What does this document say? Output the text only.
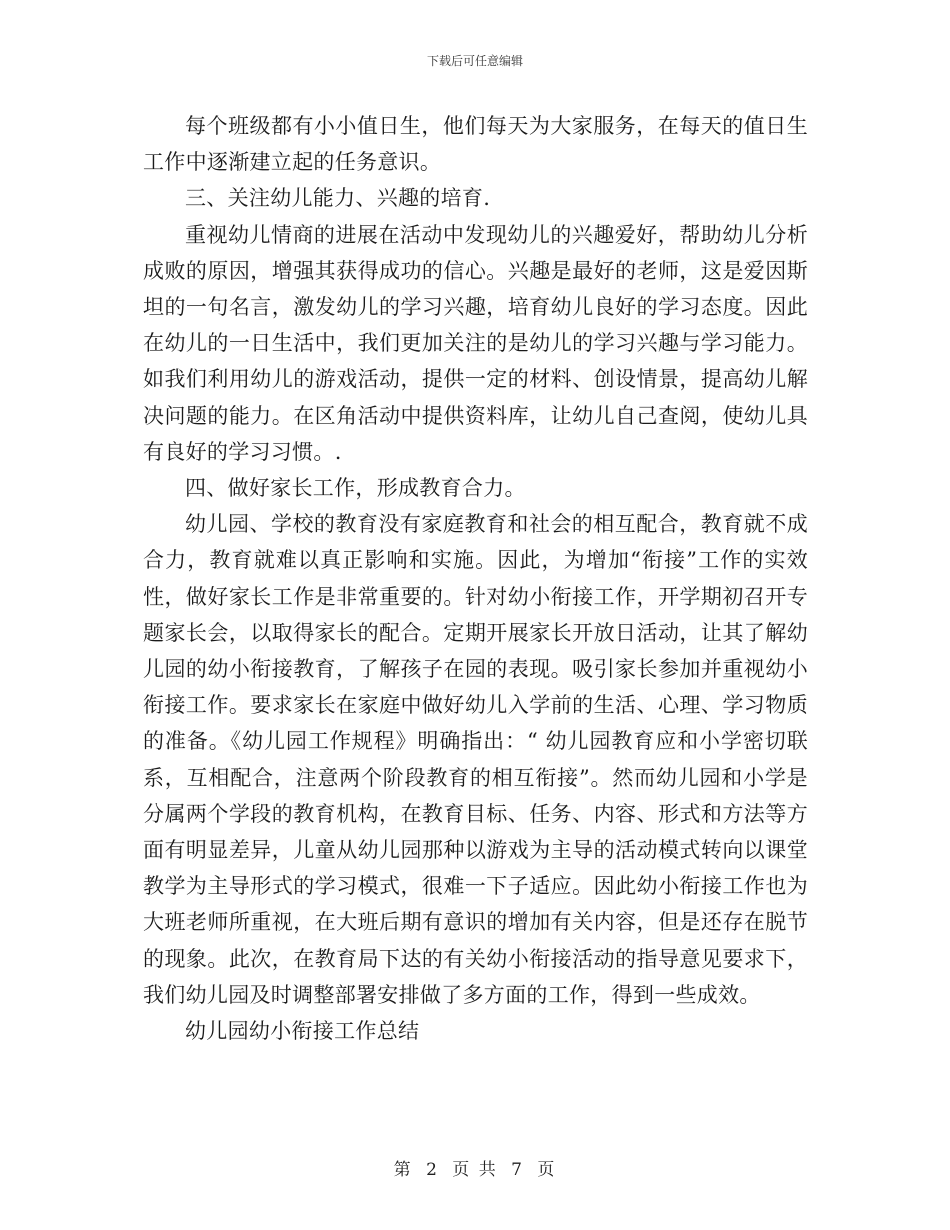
下载后可任意编辑

每个班级都有小小值日生，他们每天为大家服务，在每天的值日生工作中逐渐建立起的任务意识。

三、关注幼儿能力、兴趣的培育.

重视幼儿情商的进展在活动中发现幼儿的兴趣爱好，帮助幼儿分析成败的原因，增强其获得成功的信心。兴趣是最好的老师，这是爱因斯坦的一句名言，激发幼儿的学习兴趣，培育幼儿良好的学习态度。因此在幼儿的一日生活中，我们更加关注的是幼儿的学习兴趣与学习能力。如我们利用幼儿的游戏活动，提供一定的材料、创设情景，提高幼儿解决问题的能力。在区角活动中提供资料库，让幼儿自己查阅，使幼儿具有良好的学习习惯。.

四、做好家长工作，形成教育合力。

幼儿园、学校的教育没有家庭教育和社会的相互配合，教育就不成合力，教育就难以真正影响和实施。因此，为增加“衔接”工作的实效性，做好家长工作是非常重要的。针对幼小衔接工作，开学期初召开专题家长会，以取得家长的配合。定期开展家长开放日活动，让其了解幼儿园的幼小衔接教育，了解孩子在园的表现。吸引家长参加并重视幼小衔接工作。要求家长在家庭中做好幼儿入学前的生活、心理、学习物质的准备。《幼儿园工作规程》明确指出：“ 幼儿园教育应和小学密切联系，互相配合，注意两个阶段教育的相互衔接”。然而幼儿园和小学是分属两个学段的教育机构，在教育目标、任务、内容、形式和方法等方面有明显差异，儿童从幼儿园那种以游戏为主导的活动模式转向以课堂教学为主导形式的学习模式，很难一下子适应。因此幼小衔接工作也为大班老师所重视，在大班后期有意识的增加有关内容，但是还存在脱节的现象。此次，在教育局下达的有关幼小衔接活动的指导意见要求下，我们幼儿园及时调整部署安排做了多方面的工作，得到一些成效。

幼儿园幼小衔接工作总结

第 2 页 共 7 页
